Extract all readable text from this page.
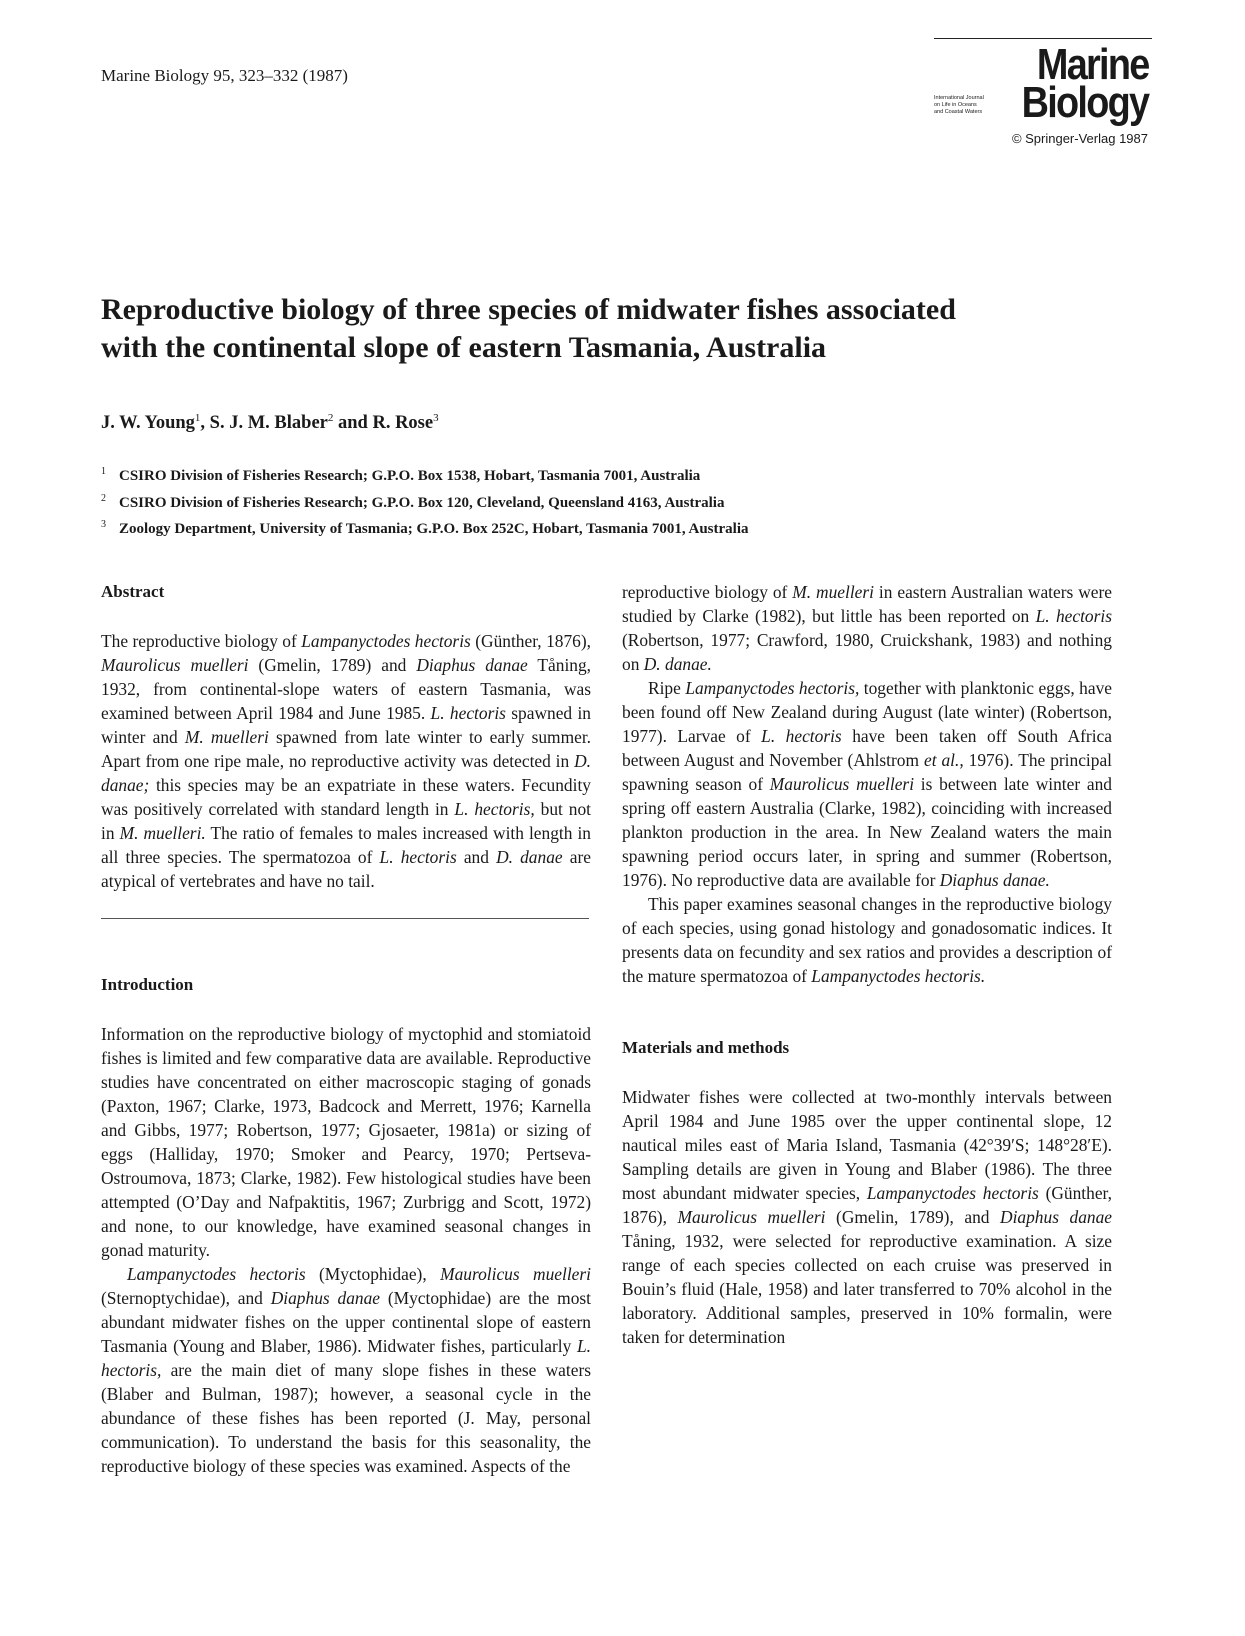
Marine Biology 95, 323–332 (1987)	Marine
International Journal
on Life in Oceans
and Coastal Waters Biology
© Springer-Verlag 1987
Reproductive biology of three species of midwater fishes associated
with the continental slope of eastern Tasmania, Australia
J. W. Young$^1$, S. J. M. Blaber$^2$ and R. Rose$^3$
$^1$ CSIRO Division of Fisheries Research; G.P.O. Box 1538, Hobart, Tasmania 7001, Australia
$^2$ CSIRO Division of Fisheries Research; G.P.O. Box 120, Cleveland, Queensland 4163, Australia
$^3$ Zoology Department, University of Tasmania; G.P.O. Box 252C, Hobart, Tasmania 7001, Australia
Abstract

The reproductive biology of Lampanyctodes hectoris (Günther, 1876), Maurolicus muelleri (Gmelin, 1789) and Diaphus danae Tåning, 1932, from continental-slope waters of eastern Tasmania, was examined between April 1984 and June 1985. L. hectoris spawned in winter and M. muelleri spawned from late winter to early summer. Apart from one ripe male, no reproductive activity was detected in D. danae; this species may be an expatriate in these waters. Fecundity was positively correlated with standard length in L. hectoris, but not in M. muelleri. The ratio of females to males increased with length in all three species. The spermatozoa of L. hectoris and D. danae are atypical of vertebrates and have no tail.

Introduction

Information on the reproductive biology of myctophid and stomiatoid fishes is limited and few comparative data are available. Reproductive studies have concentrated on either macroscopic staging of gonads (Paxton, 1967; Clarke, 1973, Badcock and Merrett, 1976; Karnella and Gibbs, 1977; Robertson, 1977; Gjosaeter, 1981a) or sizing of eggs (Halliday, 1970; Smoker and Pearcy, 1970; Pertseva-Ostroumova, 1873; Clarke, 1982). Few histological studies have been attempted (O’Day and Nafpaktitis, 1967; Zurbrigg and Scott, 1972) and none, to our knowledge, have examined seasonal changes in gonad maturity.

Lampanyctodes hectoris (Myctophidae), Maurolicus muelleri (Sternoptychidae), and Diaphus danae (Myctophidae) are the most abundant midwater fishes on the upper continental slope of eastern Tasmania (Young and Blaber, 1986). Midwater fishes, particularly L. hectoris, are the main diet of many slope fishes in these waters (Blaber and Bulman, 1987); however, a seasonal cycle in the abundance of these fishes has been reported (J. May, personal communication). To understand the basis for this seasonality, the reproductive biology of these species was examined. Aspects of the

reproductive biology of M. muelleri in eastern Australian waters were studied by Clarke (1982), but little has been reported on L. hectoris (Robertson, 1977; Crawford, 1980, Cruickshank, 1983) and nothing on D. danae.

Ripe Lampanyctodes hectoris, together with planktonic eggs, have been found off New Zealand during August (late winter) (Robertson, 1977). Larvae of L. hectoris have been taken off South Africa between August and November (Ahlstrom et al., 1976). The principal spawning season of Maurolicus muelleri is between late winter and spring off eastern Australia (Clarke, 1982), coinciding with increased plankton production in the area. In New Zealand waters the main spawning period occurs later, in spring and summer (Robertson, 1976). No reproductive data are available for Diaphus danae.

This paper examines seasonal changes in the reproductive biology of each species, using gonad histology and gonadosomatic indices. It presents data on fecundity and sex ratios and provides a description of the mature spermatozoa of Lampanyctodes hectoris.

Materials and methods

Midwater fishes were collected at two-monthly intervals between April 1984 and June 1985 over the upper continental slope, 12 nautical miles east of Maria Island, Tasmania (42°39′S; 148°28′E). Sampling details are given in Young and Blaber (1986). The three most abundant midwater species, Lampanyctodes hectoris (Günther, 1876), Maurolicus muelleri (Gmelin, 1789), and Diaphus danae Tåning, 1932, were selected for reproductive examination. A size range of each species collected on each cruise was preserved in Bouin’s fluid (Hale, 1958) and later transferred to 70% alcohol in the laboratory. Additional samples, preserved in 10% formalin, were taken for determination
